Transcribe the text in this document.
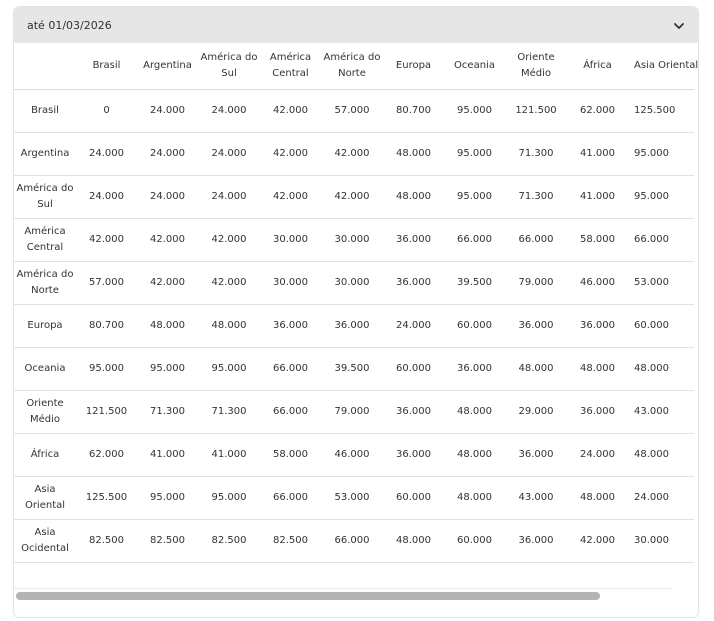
até 01/03/2026
	Brasil	Argentina	América do Sul	América Central	América do Norte	Europa	Oceania	Oriente Médio	África	Asia Oriental
Brasil	0	24.000	24.000	42.000	57.000	80.700	95.000	121.500	62.000	125.500
Argentina	24.000	24.000	24.000	42.000	42.000	48.000	95.000	71.300	41.000	95.000
América do Sul	24.000	24.000	24.000	42.000	42.000	48.000	95.000	71.300	41.000	95.000
América Central	42.000	42.000	42.000	30.000	30.000	36.000	66.000	66.000	58.000	66.000
América do Norte	57.000	42.000	42.000	30.000	30.000	36.000	39.500	79.000	46.000	53.000
Europa	80.700	48.000	48.000	36.000	36.000	24.000	60.000	36.000	36.000	60.000
Oceania	95.000	95.000	95.000	66.000	39.500	60.000	36.000	48.000	48.000	48.000
Oriente Médio	121.500	71.300	71.300	66.000	79.000	36.000	48.000	29.000	36.000	43.000
África	62.000	41.000	41.000	58.000	46.000	36.000	48.000	36.000	24.000	48.000
Asia Oriental	125.500	95.000	95.000	66.000	53.000	60.000	48.000	43.000	48.000	24.000
Asia Ocidental	82.500	82.500	82.500	82.500	66.000	48.000	60.000	36.000	42.000	30.000
